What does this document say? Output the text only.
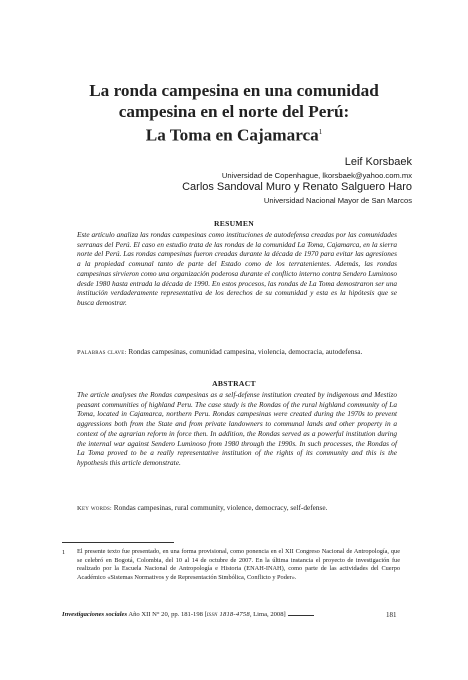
La ronda campesina en una comunidad
campesina en el norte del Perú:
La Toma en Cajamarca$^1$
Leif Korsbaek
Universidad de Copenhague, lkorsbaek@yahoo.com.mx
Carlos Sandoval Muro y Renato Salguero Haro
Universidad Nacional Mayor de San Marcos
RESUMEN

Este artículo analiza las rondas campesinas como instituciones de autodefensa creadas por las comunidades serranas del Perú. El caso en estudio trata de las rondas de la comunidad La Toma, Cajamarca, en la sierra norte del Perú. Las rondas campesinas fueron creadas durante la década de 1970 para evitar las agresiones a la propiedad comunal tanto de parte del Estado como de los terratenientes. Además, las rondas campesinas sirvieron como una organización poderosa durante el conflicto interno contra Sendero Luminoso desde 1980 hasta entrada la década de 1990. En estos procesos, las rondas de La Toma demostraron ser una institución verdaderamente representativa de los derechos de su comunidad y esta es la hipótesis que se busca demostrar.

Palabras clave: Rondas campesinas, comunidad campesina, violencia, democracia, autodefensa.

ABSTRACT

The article analyses the Rondas campesinas as a self-defense institution created by indigenous and Mestizo peasant communities of highland Peru. The case study is the Rondas of the rural highland community of La Toma, located in Cajamarca, northern Peru. Rondas campesinas were created during the 1970s to prevent aggressions both from the State and from private landowners to communal lands and other property in a context of the agrarian reform in force then. In addition, the Rondas served as a powerful institution during the internal war against Sendero Luminoso from 1980 through the 1990s. In such processes, the Rondas of La Toma proved to be a really representative institution of the rights of its community and this is the hypothesis this article demonstrate.

Key words: Rondas campesinas, rural community, violence, democracy, self-defense.

1 El presente texto fue presentado, en una forma provisional, como ponencia en el XII Congreso Nacional de Antropología, que se celebró en Bogotá, Colombia, del 10 al 14 de octubre de 2007. En la última instancia el proyecto de investigación fue realizado por la Escuela Nacional de Antropología e Historia (ENAH-INAH), como parte de las actividades del Cuerpo Académico «Sistemas Normativos y de Representación Simbólica, Conflicto y Poder».

Investigaciones sociales Año XII N° 20, pp. 181-198 [issn 1818-4758, Lima, 2008]	181
